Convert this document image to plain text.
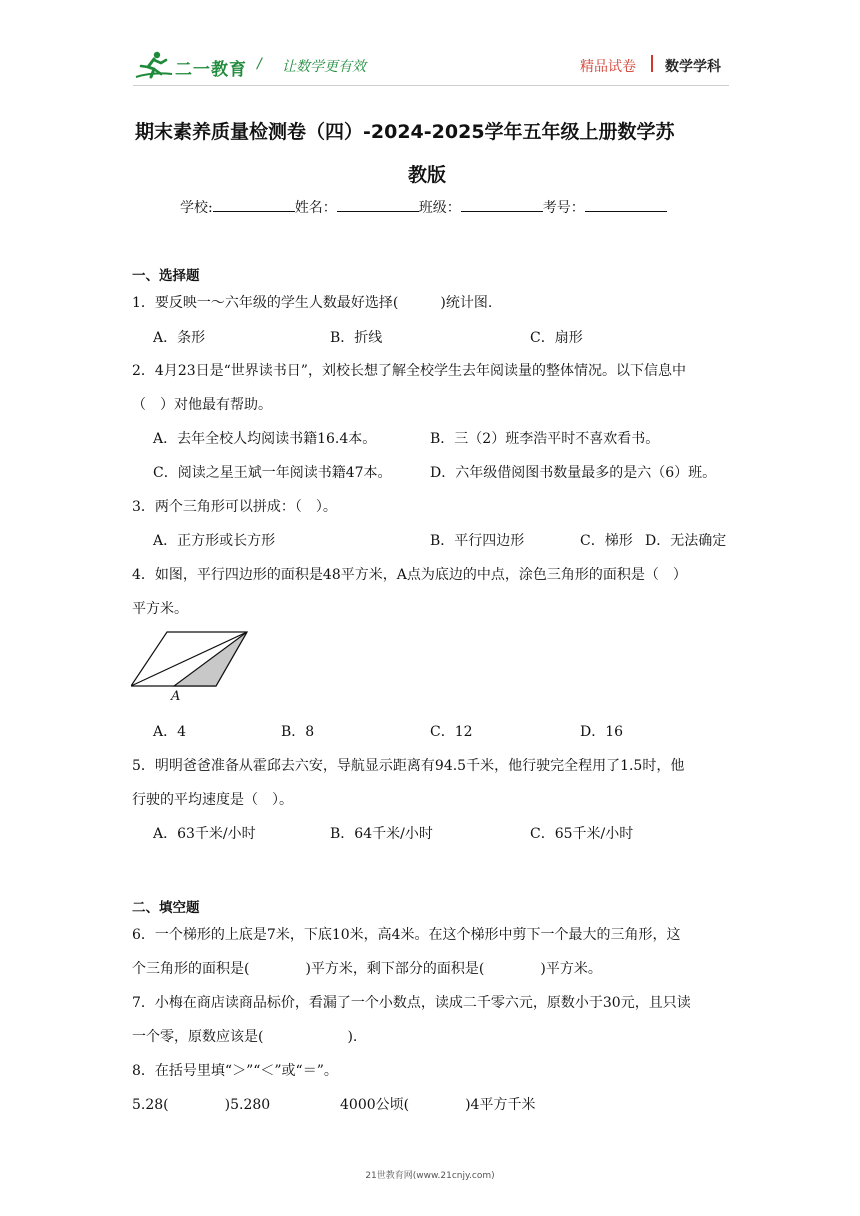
二一教育 / 让数学更有效	精品试卷 数学学科
期末素养质量检测卷（四）-2024-2025学年五年级上册数学苏
教版
学校:	姓名：	班级：	考号：
一、选择题
1．要反映一～六年级的学生人数最好选择(　　　)统计图.
A．条形	B．折线	C．扇形
2．4月23日是“世界读书日”，刘校长想了解全校学生去年阅读量的整体情况。以下信息中
（　）对他最有帮助。
A．去年全校人均阅读书籍16.4本。	B．三（2）班李浩平时不喜欢看书。
C．阅读之星王斌一年阅读书籍47本。	D．六年级借阅图书数量最多的是六（6）班。
3．两个三角形可以拼成：（　）。
A．正方形或长方形	B．平行四边形	C．梯形 D．无法确定
4．如图，平行四边形的面积是48平方米，A点为底边的中点，涂色三角形的面积是（　）
平方米。
A
A．4	B．8	C．12	D．16
5．明明爸爸准备从霍邱去六安，导航显示距离有94.5千米，他行驶完全程用了1.5时，他
行驶的平均速度是（　）。
A．63千米/小时	B．64千米/小时	C．65千米/小时
二、填空题
6．一个梯形的上底是7米，下底10米，高4米。在这个梯形中剪下一个最大的三角形，这
个三角形的面积是(　　　　)平方米，剩下部分的面积是(　　　　)平方米。
7．小梅在商店读商品标价，看漏了一个小数点，读成二千零六元，原数小于30元，且只读
一个零，原数应该是(　　　　　　).
8．在括号里填“＞”“＜”或“＝”。
5.28(　　　　)5.280	4000公顷(　　　　)4平方千米
21世教育网(www.21cnjy.com)
